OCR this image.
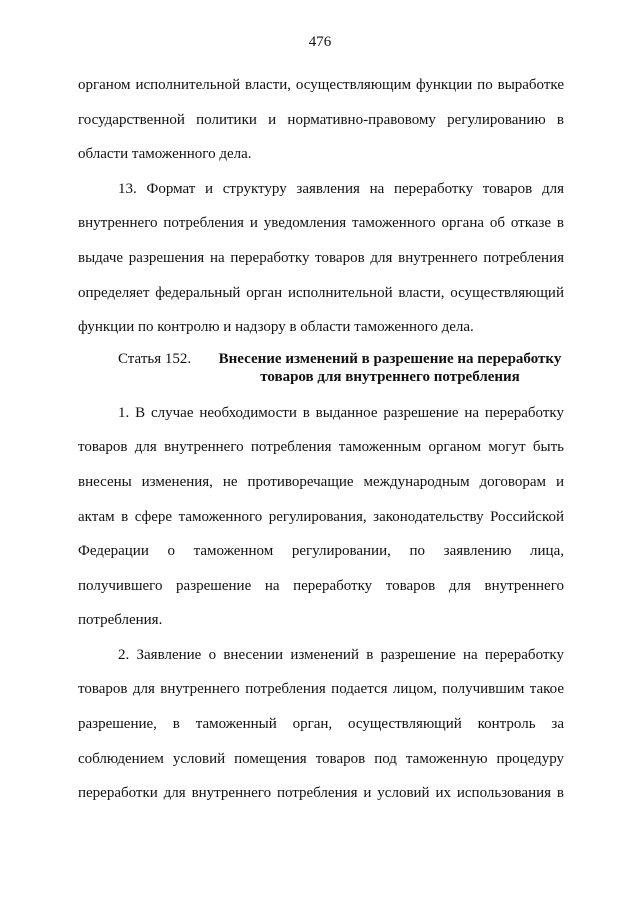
476
органом исполнительной власти, осуществляющим функции по выработке
государственной политики и нормативно-правовому регулированию в
области таможенного дела.
13. Формат и структуру заявления на переработку товаров для
внутреннего потребления и уведомления таможенного органа об отказе в
выдаче разрешения на переработку товаров для внутреннего потребления
определяет федеральный орган исполнительной власти, осуществляющий
функции по контролю и надзору в области таможенного дела.
Статья 152.	Внесение изменений в разрешение на переработку
товаров для внутреннего потребления
1. В случае необходимости в выданное разрешение на переработку
товаров для внутреннего потребления таможенным органом могут быть
внесены изменения, не противоречащие международным договорам и
актам в сфере таможенного регулирования, законодательству Российской
Федерации о таможенном регулировании, по заявлению лица,
получившего разрешение на переработку товаров для внутреннего
потребления.
2. Заявление о внесении изменений в разрешение на переработку
товаров для внутреннего потребления подается лицом, получившим такое
разрешение, в таможенный орган, осуществляющий контроль за
соблюдением условий помещения товаров под таможенную процедуру
переработки для внутреннего потребления и условий их использования в
